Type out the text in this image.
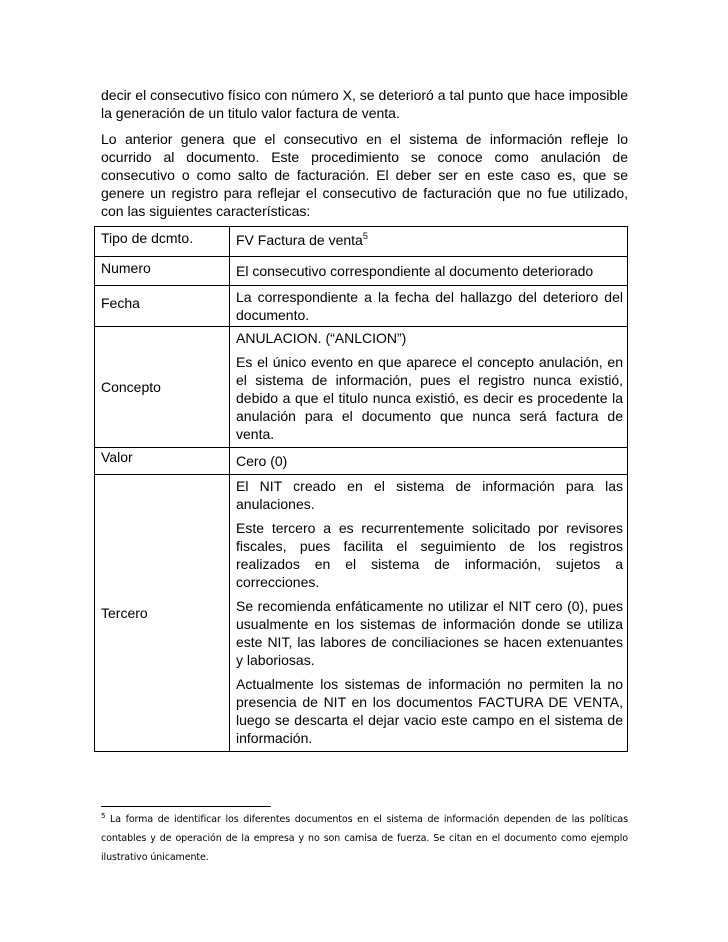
decir el consecutivo físico con número X, se deterioró a tal punto que hace imposible la generación de un titulo valor factura de venta.

Lo anterior genera que el consecutivo en el sistema de información refleje lo ocurrido al documento. Este procedimiento se conoce como anulación de consecutivo o como salto de facturación. El deber ser en este caso es, que se genere un registro para reflejar el consecutivo de facturación que no fue utilizado, con las siguientes características:

Tipo de dcmto.	FV Factura de venta$^5$
Numero	El consecutivo correspondiente al documento deteriorado
Fecha	La correspondiente a la fecha del hallazgo del deterioro del documento.
Concepto	ANULACION. (“ANLCION”)

Es el único evento en que aparece el concepto anulación, en el sistema de información, pues el registro nunca existió, debido a que el titulo nunca existió, es decir es procedente la anulación para el documento que nunca será factura de venta.

Valor	Cero (0)
Tercero	El NIT creado en el sistema de información para las anulaciones.

Este tercero a es recurrentemente solicitado por revisores fiscales, pues facilita el seguimiento de los registros realizados en el sistema de información, sujetos a correcciones.

Se recomienda enfáticamente no utilizar el NIT cero (0), pues usualmente en los sistemas de información donde se utiliza este NIT, las labores de conciliaciones se hacen extenuantes y laboriosas.

Actualmente los sistemas de información no permiten la no presencia de NIT en los documentos FACTURA DE VENTA, luego se descarta el dejar vacio este campo en el sistema de información.

$^5$ La forma de identificar los diferentes documentos en el sistema de información dependen de las políticas contables y de operación de la empresa y no son camisa de fuerza. Se citan en el documento como ejemplo ilustrativo únicamente.
